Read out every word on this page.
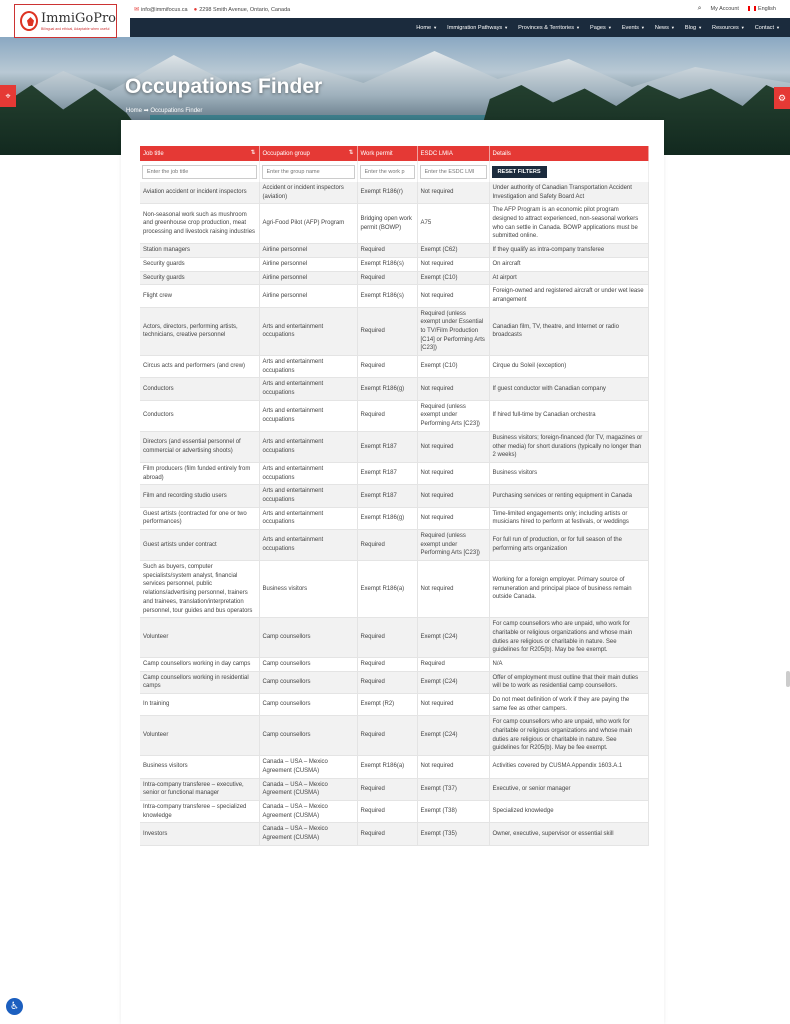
✉ info@immifocus.ca ● 2298 Smith Avenue, Ontario, Canada	⌕ My Account	English
ImmiGoPro
Bilingual and ethical, Adaptable when useful	Home ▼ Immigration Pathways ▼ Provinces & Territories ▼ Pages ▼ Events ▼ News ▼ Blog ▼ Resources ▼ Contact ▼
Occupations Finder
Home ➡ Occupations Finder
⌖	⚙
Job title ⇅	Occupation group ⇅	Work permit	ESDC LMIA	Details
Enter the job title	Enter the group name	Enter the work p	Enter the ESDC LMI	RESET FILTERS
Aviation accident or incident inspectors	Accident or incident inspectors (aviation)	Exempt R186(r)	Not required	Under authority of Canadian Transportation Accident Investigation and Safety Board Act
Non-seasonal work such as mushroom and greenhouse crop production, meat processing and livestock raising industries	Agri-Food Pilot (AFP) Program	Bridging open work permit (BOWP)	A75	The AFP Program is an economic pilot program designed to attract experienced, non-seasonal workers who can settle in Canada. BOWP applications must be submitted online.
Station managers	Airline personnel	Required	Exempt (C62)	If they qualify as intra-company transferee
Security guards	Airline personnel	Exempt R186(s)	Not required	On aircraft
Security guards	Airline personnel	Required	Exempt (C10)	At airport
Flight crew	Airline personnel	Exempt R186(s)	Not required	Foreign-owned and registered aircraft or under wet lease arrangement
Actors, directors, performing artists, technicians, creative personnel	Arts and entertainment occupations	Required	Required (unless exempt under Essential to TV/Film Production [C14] or Performing Arts [C23])	Canadian film, TV, theatre, and Internet or radio broadcasts
Circus acts and performers (and crew)	Arts and entertainment occupations	Required	Exempt (C10)	Cirque du Soleil (exception)
Conductors	Arts and entertainment occupations	Exempt R186(g)	Not required	If guest conductor with Canadian company
Conductors	Arts and entertainment occupations	Required	Required (unless exempt under Performing Arts [C23])	If hired full-time by Canadian orchestra
Directors (and essential personnel of commercial or advertising shoots)	Arts and entertainment occupations	Exempt R187	Not required	Business visitors; foreign-financed (for TV, magazines or other media) for short durations (typically no longer than 2 weeks)
Film producers (film funded entirely from abroad)	Arts and entertainment occupations	Exempt R187	Not required	Business visitors
Film and recording studio users	Arts and entertainment occupations	Exempt R187	Not required	Purchasing services or renting equipment in Canada
Guest artists (contracted for one or two performances)	Arts and entertainment occupations	Exempt R186(g)	Not required	Time-limited engagements only; including artists or musicians hired to perform at festivals, or weddings
Guest artists under contract	Arts and entertainment occupations	Required	Required (unless exempt under Performing Arts [C23])	For full run of production, or for full season of the performing arts organization
Such as buyers, computer specialists/system analyst, financial services personnel, public relations/advertising personnel, trainers and trainees, translation/interpretation personnel, tour guides and bus operators	Business visitors	Exempt R186(a)	Not required	Working for a foreign employer. Primary source of remuneration and principal place of business remain outside Canada.
Volunteer	Camp counsellors	Required	Exempt (C24)	For camp counsellors who are unpaid, who work for charitable or religious organizations and whose main duties are religious or charitable in nature. See guidelines for R205(b). May be fee exempt.
Camp counsellors working in day camps	Camp counsellors	Required	Required	N/A
Camp counsellors working in residential camps	Camp counsellors	Required	Exempt (C24)	Offer of employment must outline that their main duties will be to work as residential camp counsellors.
In training	Camp counsellors	Exempt (R2)	Not required	Do not meet definition of work if they are paying the same fee as other campers.
Volunteer	Camp counsellors	Required	Exempt (C24)	For camp counsellors who are unpaid, who work for charitable or religious organizations and whose main duties are religious or charitable in nature. See guidelines for R205(b). May be fee exempt.
Business visitors	Canada – USA – Mexico Agreement (CUSMA)	Exempt R186(a)	Not required	Activities covered by CUSMA Appendix 1603.A.1
Intra-company transferee – executive, senior or functional manager	Canada – USA – Mexico Agreement (CUSMA)	Required	Exempt (T37)	Executive, or senior manager
Intra-company transferee – specialized knowledge	Canada – USA – Mexico Agreement (CUSMA)	Required	Exempt (T38)	Specialized knowledge
Investors	Canada – USA – Mexico Agreement (CUSMA)	Required	Exempt (T35)	Owner, executive, supervisor or essential skill
♿
